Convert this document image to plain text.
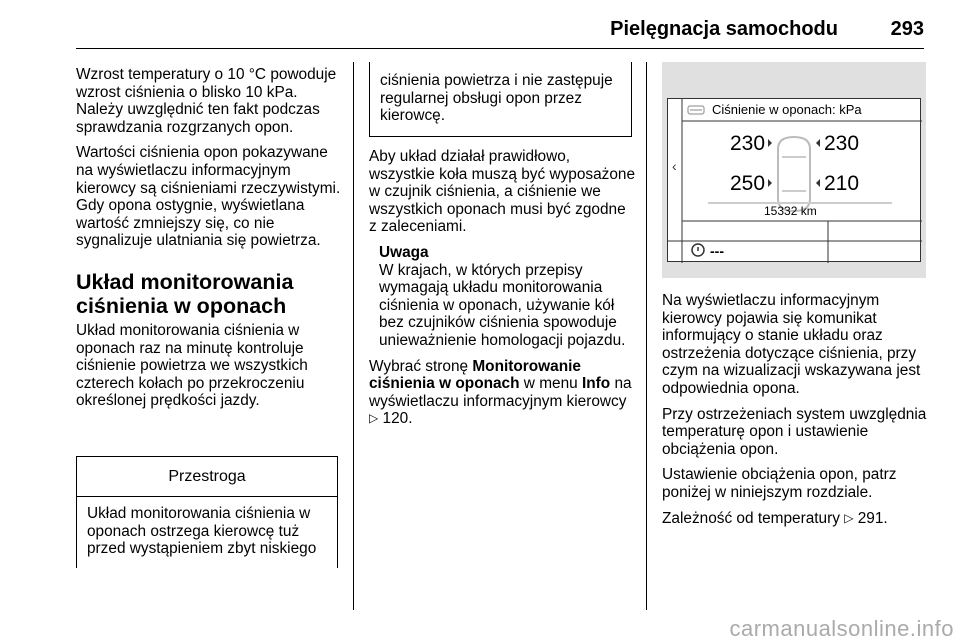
Pielęgnacja samochodu	293

Wzrost temperatury o 10 °C powoduje wzrost ciśnienia o blisko 10 kPa. Należy uwzględnić ten fakt podczas sprawdzania rozgrzanych opon.

Wartości ciśnienia opon pokazywane na wyświetlaczu informacyjnym kierowcy są ciśnieniami rzeczywistymi. Gdy opona ostygnie, wyświetlana wartość zmniejszy się, co nie sygnalizuje ulatniania się powietrza.

Układ monitorowania ciśnienia w oponach

Układ monitorowania ciśnienia w oponach raz na minutę kontroluje ciśnienie powietrza we wszystkich czterech kołach po przekroczeniu określonej prędkości jazdy.

Przestroga
Układ monitorowania ciśnienia w oponach ostrzega kierowcę tuż przed wystąpieniem zbyt niskiego
ciśnienia powietrza i nie zastępuje regularnej obsługi opon przez kierowcę.

Aby układ działał prawidłowo, wszystkie koła muszą być wyposażone w czujnik ciśnienia, a ciśnienie we wszystkich oponach musi być zgodne z zaleceniami.

Uwaga
W krajach, w których przepisy wymagają układu monitorowania ciśnienia w oponach, używanie kół bez czujników ciśnienia spowoduje unieważnienie homologacji pojazdu.

Wybrać stronę Monitorowanie ciśnienia w oponach w menu Info na wyświetlaczu informacyjnym kierowcy ▷ 120.

‹
Ciśnienie w oponach: kPa
230	230
250	210
15332 km
---

Na wyświetlaczu informacyjnym kierowcy pojawia się komunikat informujący o stanie układu oraz ostrzeżenia dotyczące ciśnienia, przy czym na wizualizacji wskazywana jest odpowiednia opona.

Przy ostrzeżeniach system uwzględnia temperaturę opon i ustawienie obciążenia opon.

Ustawienie obciążenia opon, patrz poniżej w niniejszym rozdziale.

Zależność od temperatury ▷ 291.

carmanualsonline.info
